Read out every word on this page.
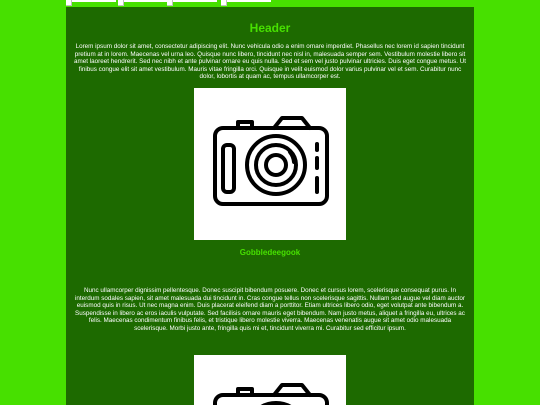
Header
Lorem ipsum dolor sit amet, consectetur adipiscing elit. Nunc vehicula odio a enim ornare imperdiet. Phasellus nec lorem id sapien tincidunt pretium at in lorem. Maecenas vel urna leo. Quisque nunc libero, tincidunt nec nisl in, malesuada semper sem. Vestibulum molestie libero sit amet laoreet hendrerit. Sed nec nibh et ante pulvinar ornare eu quis nulla. Sed et sem vel justo pulvinar ultricies. Duis eget congue metus. Ut finibus congue elit sit amet vestibulum. Mauris vitae fringilla orci. Quisque in velit euismod dolor varius pulvinar vel et sem. Curabitur nunc dolor, lobortis at quam ac, tempus ullamcorper est.
Gobbledeegook
Nunc ullamcorper dignissim pellentesque. Donec suscipit bibendum posuere. Donec et cursus lorem, scelerisque consequat purus. In interdum sodales sapien, sit amet malesuada dui tincidunt in. Cras congue tellus non scelerisque sagittis. Nullam sed augue vel diam auctor euismod quis in risus. Ut nec magna enim. Duis placerat eleifend diam a porttitor. Etiam ultrices libero odio, eget volutpat ante bibendum a. Suspendisse in libero ac eros iaculis vulputate. Sed facilisis ornare mauris eget bibendum. Nam justo metus, aliquet a fringilla eu, ultrices ac felis. Maecenas condimentum finibus felis, et tristique libero molestie viverra. Maecenas venenatis augue sit amet odio malesuada scelerisque. Morbi justo ante, fringilla quis mi et, tincidunt viverra mi. Curabitur sed efficitur ipsum.
